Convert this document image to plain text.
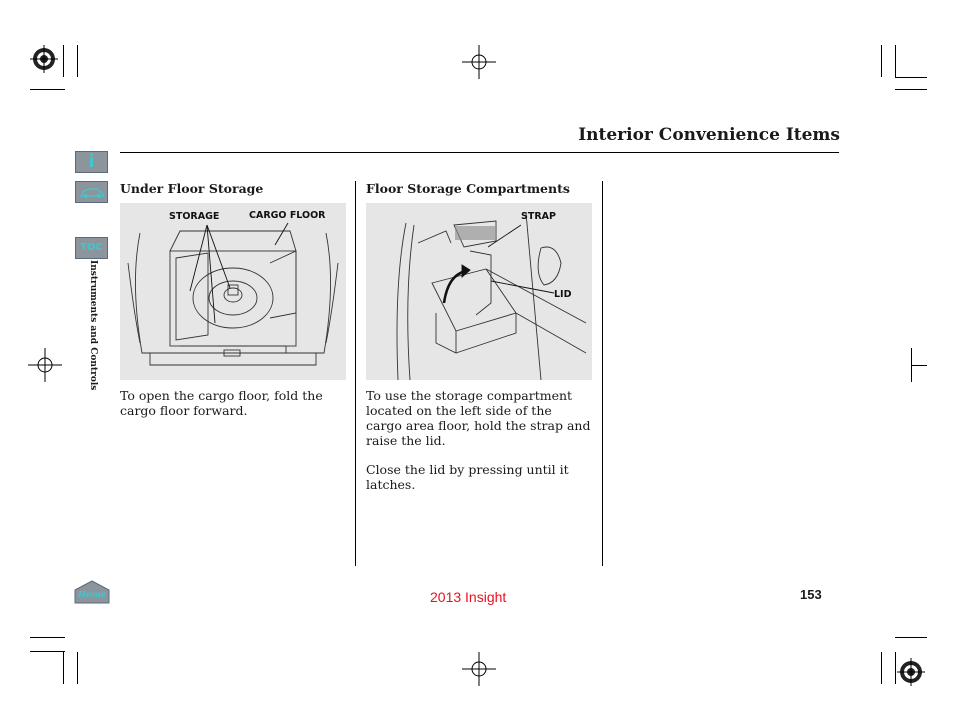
Interior Convenience Items
i
TOC
Instruments and Controls
Home
Under Floor Storage
STORAGE	CARGO FLOOR
To open the cargo floor, fold the cargo floor forward.
Floor Storage Compartments
STRAP
LID
To use the storage compartment located on the left side of the cargo area floor, hold the strap and raise the lid.
Close the lid by pressing until it latches.
2013 Insight	153
